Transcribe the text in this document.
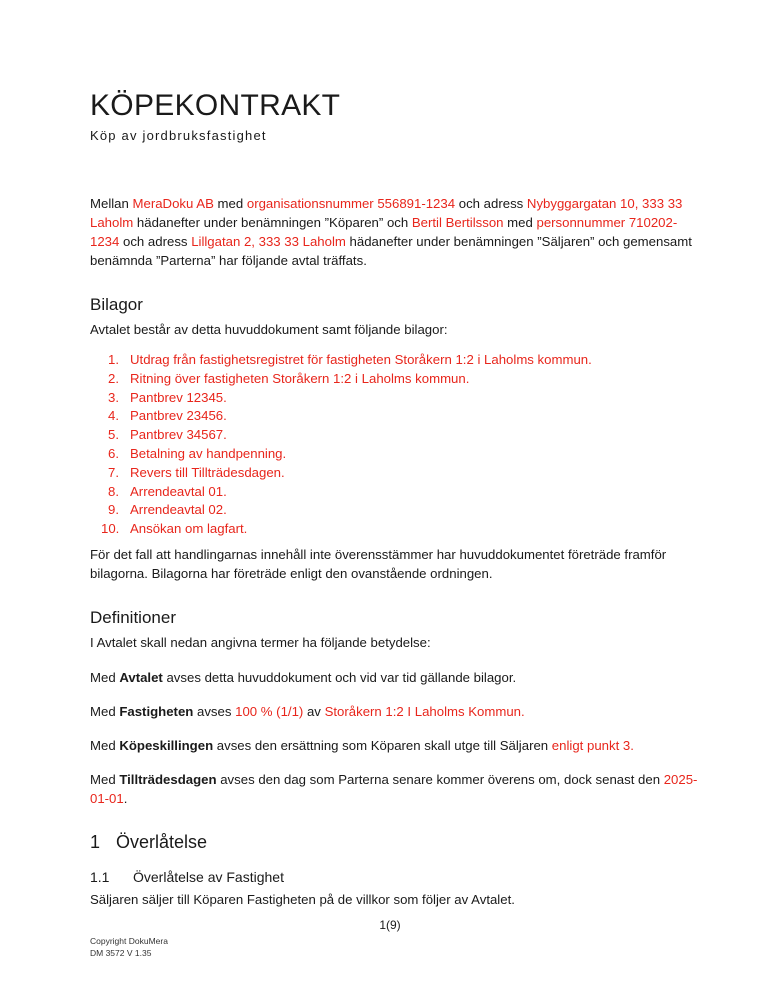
KÖPEKONTRAKT
Köp av jordbruksfastighet

Mellan MeraDoku AB med organisationsnummer 556891-1234 och adress Nybyggargatan 10, 333 33 Laholm hädanefter under benämningen ”Köparen” och Bertil Bertilsson med personnummer 710202-1234 och adress Lillgatan 2, 333 33 Laholm hädanefter under benämningen ”Säljaren” och gemensamt benämnda ”Parterna” har följande avtal träffats.

Bilagor

Avtalet består av detta huvuddokument samt följande bilagor:

1. Utdrag från fastighetsregistret för fastigheten Storåkern 1:2 i Laholms kommun.
2. Ritning över fastigheten Storåkern 1:2 i Laholms kommun.
3. Pantbrev 12345.
4. Pantbrev 23456.
5. Pantbrev 34567.
6. Betalning av handpenning.
7. Revers till Tillträdesdagen.
8. Arrendeavtal 01.
9. Arrendeavtal 02.
10. Ansökan om lagfart.

För det fall att handlingarnas innehåll inte överensstämmer har huvuddokumentet företräde framför bilagorna. Bilagorna har företräde enligt den ovanstående ordningen.

Definitioner

I Avtalet skall nedan angivna termer ha följande betydelse:

Med Avtalet avses detta huvuddokument och vid var tid gällande bilagor.

Med Fastigheten avses 100 % (1/1) av Storåkern 1:2 I Laholms Kommun.

Med Köpeskillingen avses den ersättning som Köparen skall utge till Säljaren enligt punkt 3.

Med Tillträdesdagen avses den dag som Parterna senare kommer överens om, dock senast den 2025-01-01.

1 Överlåtelse
1.1 Överlåtelse av Fastighet

Säljaren säljer till Köparen Fastigheten på de villkor som följer av Avtalet.

1(9)
Copyright DokuMera
DM 3572 V 1.35
